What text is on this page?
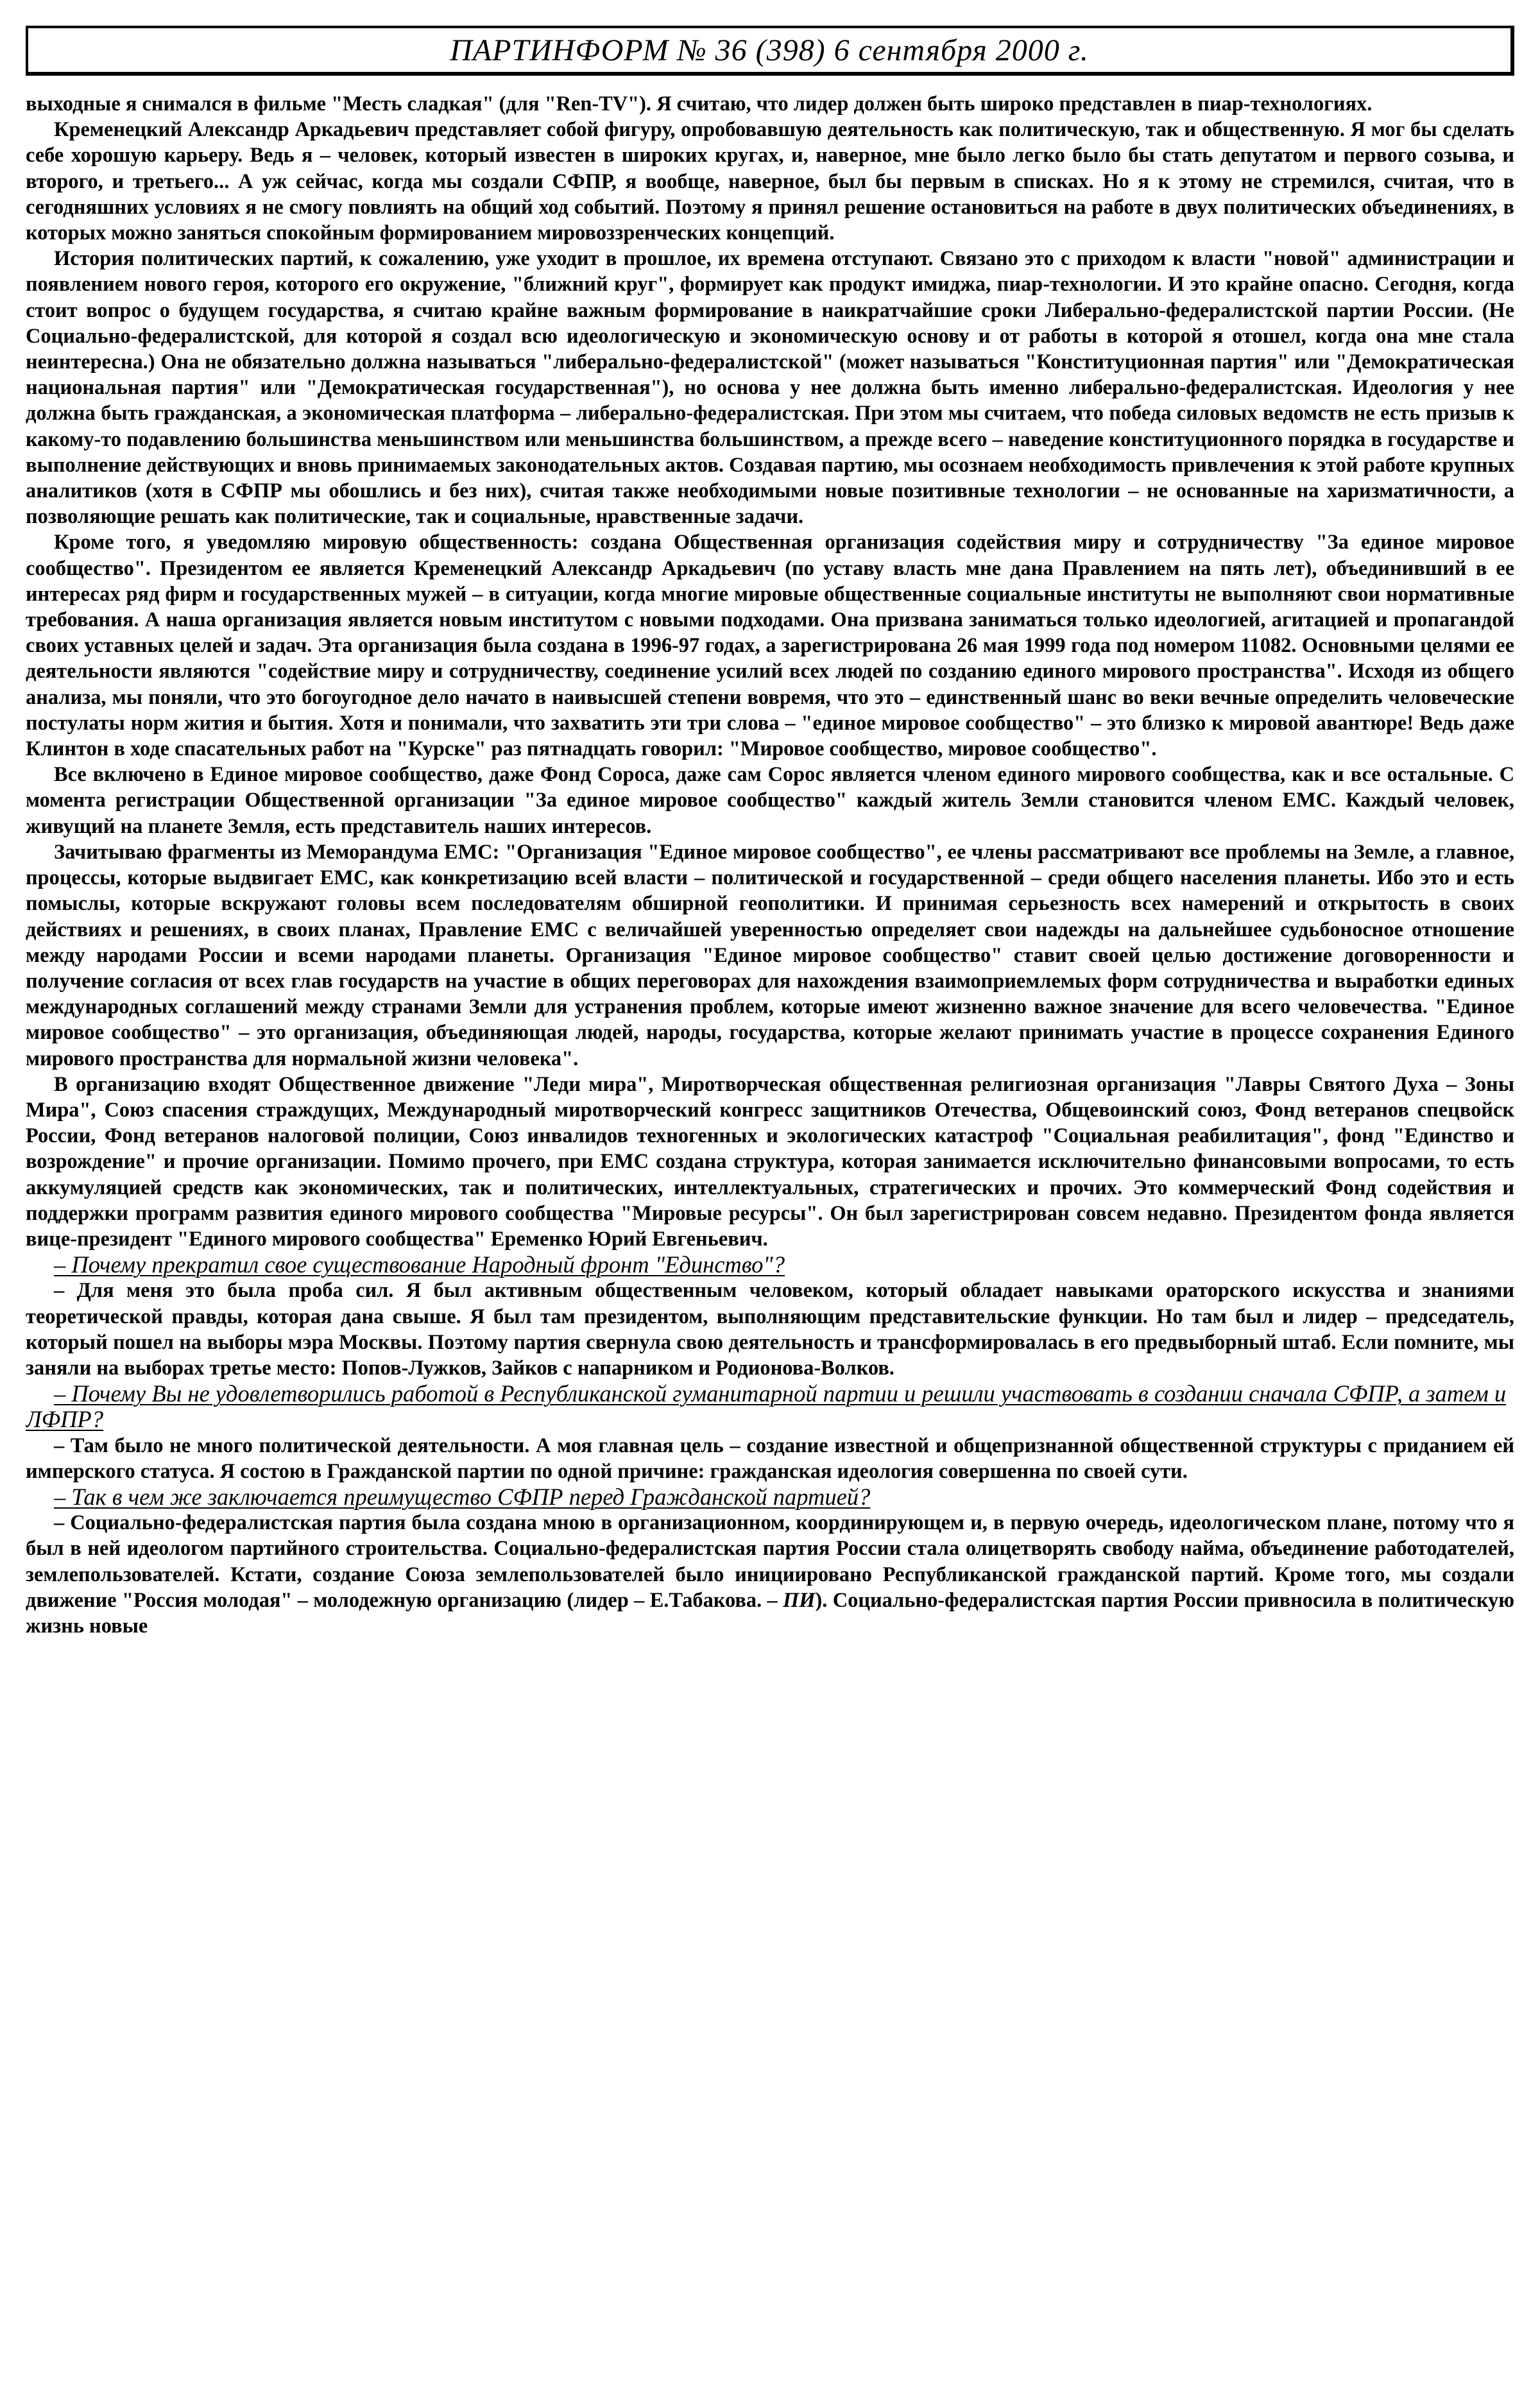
ПАРТИНФОРМ № 36 (398) 6 сентября 2000 г.

выходные я снимался в фильме "Месть сладкая" (для "Ren-TV"). Я считаю, что лидер должен быть широко представлен в пиар-технологиях.

Кременецкий Александр Аркадьевич представляет собой фигуру, опробовавшую деятельность как политическую, так и общественную. Я мог бы сделать себе хорошую карьеру. Ведь я – человек, который известен в широких кругах, и, наверное, мне было легко было бы стать депутатом и первого созыва, и второго, и третьего... А уж сейчас, когда мы создали СФПР, я вообще, наверное, был бы первым в списках. Но я к этому не стремился, считая, что в сегодняшних условиях я не смогу повлиять на общий ход событий. Поэтому я принял решение остановиться на работе в двух политических объединениях, в которых можно заняться спокойным формированием мировоззренческих концепций.

История политических партий, к сожалению, уже уходит в прошлое, их времена отступают. Связано это с приходом к власти "новой" администрации и появлением нового героя, которого его окружение, "ближний круг", формирует как продукт имиджа, пиар-технологии. И это крайне опасно. Сегодня, когда стоит вопрос о будущем государства, я считаю крайне важным формирование в наикратчайшие сроки Либерально-федералистской партии России. (Не Социально-федералистской, для которой я создал всю идеологическую и экономическую основу и от работы в которой я отошел, когда она мне стала неинтересна.) Она не обязательно должна называться "либерально-федералистской" (может называться "Конституционная партия" или "Демократическая национальная партия" или "Демократическая государственная"), но основа у нее должна быть именно либерально-федералистская. Идеология у нее должна быть гражданская, а экономическая платформа – либерально-федералистская. При этом мы считаем, что победа силовых ведомств не есть призыв к какому-то подавлению большинства меньшинством или меньшинства большинством, а прежде всего – наведение конституционного порядка в государстве и выполнение действующих и вновь принимаемых законодательных актов. Создавая партию, мы осознаем необходимость привлечения к этой работе крупных аналитиков (хотя в СФПР мы обошлись и без них), считая также необходимыми новые позитивные технологии – не основанные на харизматичности, а позволяющие решать как политические, так и социальные, нравственные задачи.

Кроме того, я уведомляю мировую общественность: создана Общественная организация содействия миру и сотрудничеству "За единое мировое сообщество". Президентом ее является Кременецкий Александр Аркадьевич (по уставу власть мне дана Правлением на пять лет), объединивший в ее интересах ряд фирм и государственных мужей – в ситуации, когда многие мировые общественные социальные институты не выполняют свои нормативные требования. А наша организация является новым институтом с новыми подходами. Она призвана заниматься только идеологией, агитацией и пропагандой своих уставных целей и задач. Эта организация была создана в 1996-97 годах, а зарегистрирована 26 мая 1999 года под номером 11082. Основными целями ее деятельности являются "содействие миру и сотрудничеству, соединение усилий всех людей по созданию единого мирового пространства". Исходя из общего анализа, мы поняли, что это богоугодное дело начато в наивысшей степени вовремя, что это – единственный шанс во веки вечные определить человеческие постулаты норм жития и бытия. Хотя и понимали, что захватить эти три слова – "единое мировое сообщество" – это близко к мировой авантюре! Ведь даже Клинтон в ходе спасательных работ на "Курске" раз пятнадцать говорил: "Мировое сообщество, мировое сообщество".

Все включено в Единое мировое сообщество, даже Фонд Сороса, даже сам Сорос является членом единого мирового сообщества, как и все остальные. С момента регистрации Общественной организации "За единое мировое сообщество" каждый житель Земли становится членом ЕМС. Каждый человек, живущий на планете Земля, есть представитель наших интересов.

Зачитываю фрагменты из Меморандума ЕМС: "Организация "Единое мировое сообщество", ее члены рассматривают все проблемы на Земле, а главное, процессы, которые выдвигает ЕМС, как конкретизацию всей власти – политической и государственной – среди общего населения планеты. Ибо это и есть помыслы, которые вскружают головы всем последователям обширной геополитики. И принимая серьезность всех намерений и открытость в своих действиях и решениях, в своих планах, Правление ЕМС с величайшей уверенностью определяет свои надежды на дальнейшее судьбоносное отношение между народами России и всеми народами планеты. Организация "Единое мировое сообщество" ставит своей целью достижение договоренности и получение согласия от всех глав государств на участие в общих переговорах для нахождения взаимоприемлемых форм сотрудничества и выработки единых международных соглашений между странами Земли для устранения проблем, которые имеют жизненно важное значение для всего человечества. "Единое мировое сообщество" – это организация, объединяющая людей, народы, государства, которые желают принимать участие в процессе сохранения Единого мирового пространства для нормальной жизни человека".

В организацию входят Общественное движение "Леди мира", Миротворческая общественная религиозная организация "Лавры Святого Духа – Зоны Мира", Союз спасения страждущих, Международный миротворческий конгресс защитников Отечества, Общевоинский союз, Фонд ветеранов спецвойск России, Фонд ветеранов налоговой полиции, Союз инвалидов техногенных и экологических катастроф "Социальная реабилитация", фонд "Единство и возрождение" и прочие организации. Помимо прочего, при ЕМС создана структура, которая занимается исключительно финансовыми вопросами, то есть аккумуляцией средств как экономических, так и политических, интеллектуальных, стратегических и прочих. Это коммерческий Фонд содействия и поддержки программ развития единого мирового сообщества "Мировые ресурсы". Он был зарегистрирован совсем недавно. Президентом фонда является вице-президент "Единого мирового сообщества" Еременко Юрий Евгеньевич.

– Почему прекратил свое существование Народный фронт "Единство"?

– Для меня это была проба сил. Я был активным общественным человеком, который обладает навыками ораторского искусства и знаниями теоретической правды, которая дана свыше. Я был там президентом, выполняющим представительские функции. Но там был и лидер – председатель, который пошел на выборы мэра Москвы. Поэтому партия свернула свою деятельность и трансформировалась в его предвыборный штаб. Если помните, мы заняли на выборах третье место: Попов-Лужков, Зайков с напарником и Родионова-Волков.

– Почему Вы не удовлетворились работой в Республиканской гуманитарной партии и решили участвовать в создании сначала СФПР, а затем и ЛФПР?

– Там было не много политической деятельности. А моя главная цель – создание известной и общепризнанной общественной структуры с приданием ей имперского статуса. Я состою в Гражданской партии по одной причине: гражданская идеология совершенна по своей сути.

– Так в чем же заключается преимущество СФПР перед Гражданской партией?

– Социально-федералистская партия была создана мною в организационном, координирующем и, в первую очередь, идеологическом плане, потому что я был в ней идеологом партийного строительства. Социально-федералистская партия России стала олицетворять свободу найма, объединение работодателей, землепользователей. Кстати, создание Союза землепользователей было инициировано Республиканской гражданской партий. Кроме того, мы создали движение "Россия молодая" – молодежную организацию (лидер – Е.Табакова. – ПИ). Социально-федералистская партия России привносила в политическую жизнь новые
